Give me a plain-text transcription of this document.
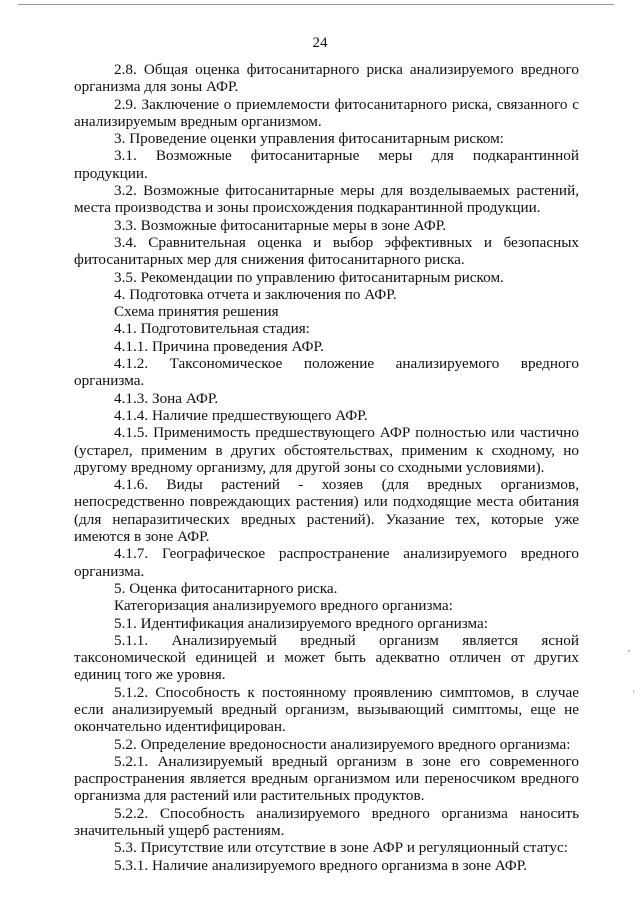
24

2.8. Общая оценка фитосанитарного риска анализируемого вредного организма для зоны АФР.

2.9. Заключение о приемлемости фитосанитарного риска, связанного с анализируемым вредным организмом.

3. Проведение оценки управления фитосанитарным риском:

3.1. Возможные фитосанитарные меры для подкарантинной продукции.

3.2. Возможные фитосанитарные меры для возделываемых растений, места производства и зоны происхождения подкарантинной продукции.

3.3. Возможные фитосанитарные меры в зоне АФР.

3.4. Сравнительная оценка и выбор эффективных и безопасных фитосанитарных мер для снижения фитосанитарного риска.

3.5. Рекомендации по управлению фитосанитарным риском.

4. Подготовка отчета и заключения по АФР.

Схема принятия решения

4.1. Подготовительная стадия:

4.1.1. Причина проведения АФР.

4.1.2. Таксономическое положение анализируемого вредного организма.

4.1.3. Зона АФР.

4.1.4. Наличие предшествующего АФР.

4.1.5. Применимость предшествующего АФР полностью или частично (устарел, применим в других обстоятельствах, применим к сходному, но другому вредному организму, для другой зоны со сходными условиями).

4.1.6. Виды растений - хозяев (для вредных организмов, непосредственно повреждающих растения) или подходящие места обитания (для непаразитических вредных растений). Указание тех, которые уже имеются в зоне АФР.

4.1.7. Географическое распространение анализируемого вредного организма.

5. Оценка фитосанитарного риска.

Категоризация анализируемого вредного организма:

5.1. Идентификация анализируемого вредного организма:

5.1.1. Анализируемый вредный организм является ясной таксономической единицей и может быть адекватно отличен от других единиц того же уровня.

5.1.2. Способность к постоянному проявлению симптомов, в случае если анализируемый вредный организм, вызывающий симптомы, еще не окончательно идентифицирован.

5.2. Определение вредоносности анализируемого вредного организма:

5.2.1. Анализируемый вредный организм в зоне его современного распространения является вредным организмом или переносчиком вредного организма для растений или растительных продуктов.

5.2.2. Способность анализируемого вредного организма наносить значительный ущерб растениям.

5.3. Присутствие или отсутствие в зоне АФР и регуляционный статус:

5.3.1. Наличие анализируемого вредного организма в зоне АФР.
